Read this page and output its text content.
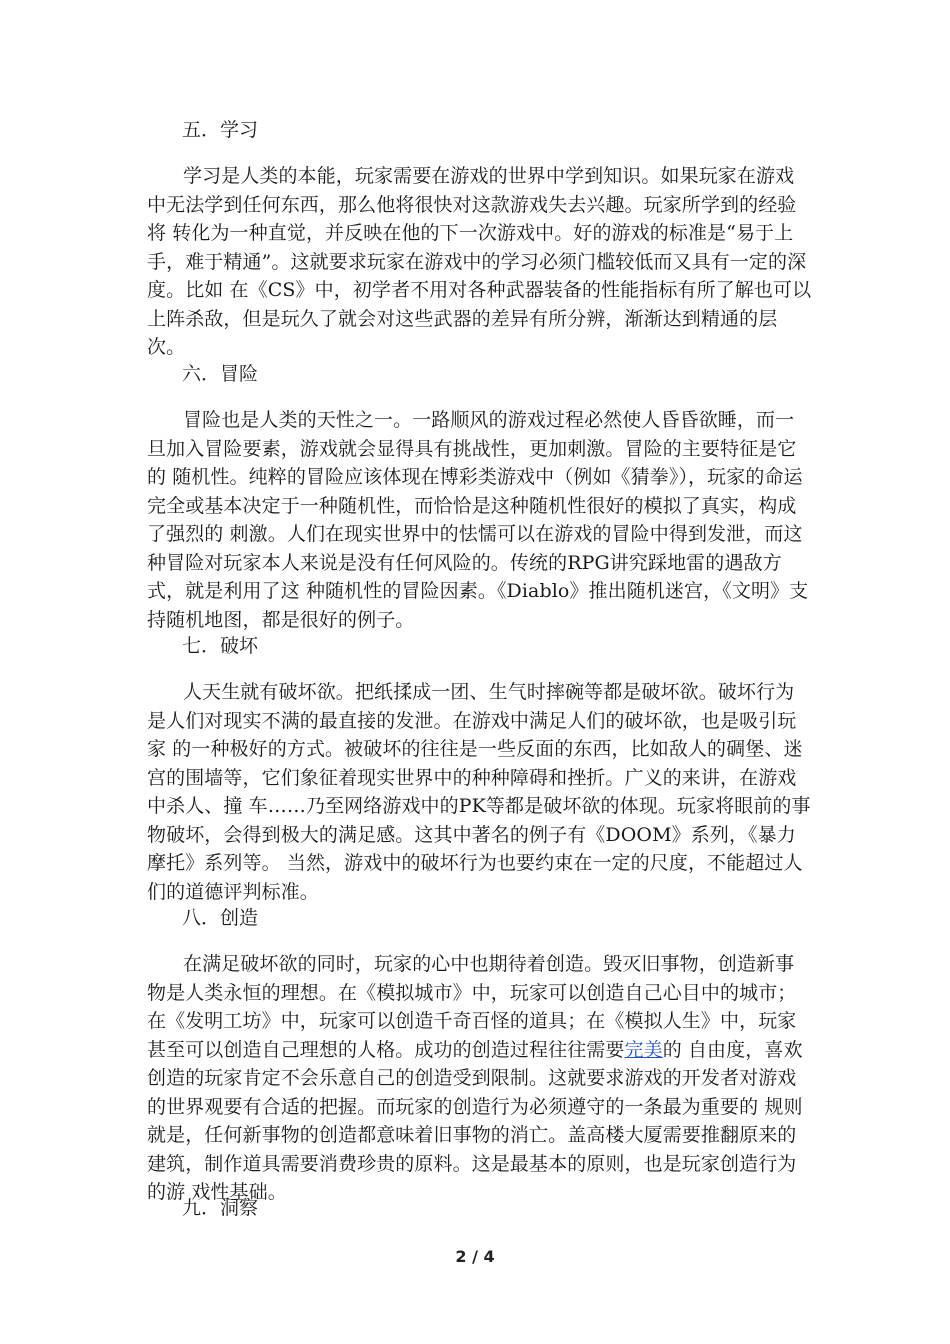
五．学习

学习是人类的本能，玩家需要在游戏的世界中学到知识。如果玩家在游戏中无法学到任何东西，那么他将很快对这款游戏失去兴趣。玩家所学到的经验将 转化为一种直觉，并反映在他的下一次游戏中。好的游戏的标准是“易于上手，难于精通”。这就要求玩家在游戏中的学习必须门槛较低而又具有一定的深度。比如 在《CS》中，初学者不用对各种武器装备的性能指标有所了解也可以上阵杀敌，但是玩久了就会对这些武器的差异有所分辨，渐渐达到精通的层次。

六．冒险

冒险也是人类的天性之一。一路顺风的游戏过程必然使人昏昏欲睡，而一旦加入冒险要素，游戏就会显得具有挑战性，更加刺激。冒险的主要特征是它的 随机性。纯粹的冒险应该体现在博彩类游戏中（例如《猜拳》），玩家的命运完全或基本决定于一种随机性，而恰恰是这种随机性很好的模拟了真实，构成了强烈的 刺激。人们在现实世界中的怯懦可以在游戏的冒险中得到发泄，而这种冒险对玩家本人来说是没有任何风险的。传统的RPG讲究踩地雷的遇敌方式，就是利用了这 种随机性的冒险因素。《Diablo》推出随机迷宫，《文明》支持随机地图，都是很好的例子。

七．破坏

人天生就有破坏欲。把纸揉成一团、生气时摔碗等都是破坏欲。破坏行为是人们对现实不满的最直接的发泄。在游戏中满足人们的破坏欲，也是吸引玩家 的一种极好的方式。被破坏的往往是一些反面的东西，比如敌人的碉堡、迷宫的围墙等，它们象征着现实世界中的种种障碍和挫折。广义的来讲，在游戏中杀人、撞 车……乃至网络游戏中的PK等都是破坏欲的体现。玩家将眼前的事物破坏，会得到极大的满足感。这其中著名的例子有《DOOM》系列，《暴力摩托》系列等。 当然，游戏中的破坏行为也要约束在一定的尺度，不能超过人们的道德评判标准。

八．创造

在满足破坏欲的同时，玩家的心中也期待着创造。毁灭旧事物，创造新事物是人类永恒的理想。在《模拟城市》中，玩家可以创造自己心目中的城市；在《发明工坊》中，玩家可以创造千奇百怪的道具；在《模拟人生》中，玩家甚至可以创造自己理想的人格。成功的创造过程往往需要完美的 自由度，喜欢创造的玩家肯定不会乐意自己的创造受到限制。这就要求游戏的开发者对游戏的世界观要有合适的把握。而玩家的创造行为必须遵守的一条最为重要的 规则就是，任何新事物的创造都意味着旧事物的消亡。盖高楼大厦需要推翻原来的建筑，制作道具需要消费珍贵的原料。这是最基本的原则，也是玩家创造行为的游 戏性基础。

九．洞察
2 / 4
